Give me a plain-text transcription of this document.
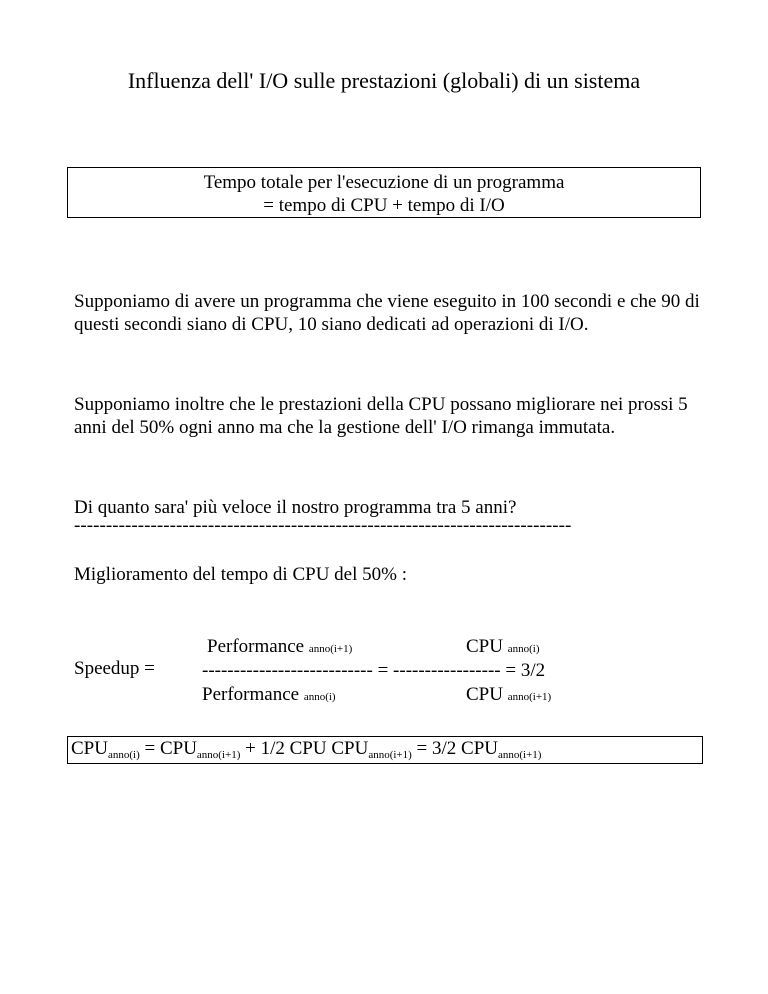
Influenza dell' I/O sulle prestazioni (globali) di un sistema
Tempo totale per l'esecuzione di un programma
= tempo di CPU + tempo di I/O
Supponiamo di avere un programma che viene eseguito in 100 secondi e che 90 di questi secondi siano di CPU, 10 siano dedicati ad operazioni di I/O.
Supponiamo inoltre che le prestazioni della CPU possano migliorare nei prossi 5 anni del 50% ogni anno ma che la gestione dell' I/O rimanga immutata.
Di quanto sara' più veloce il nostro programma tra 5 anni?
------------------------------------------------------------------------------
Miglioramento del tempo di CPU del 50% :
Speedup =
Performance anno(i+1)	CPU anno(i)
--------------------------- = ----------------- = 3/2
Performance anno(i)	CPU anno(i+1)
$CPU_{anno(i)} = CPU_{anno(i+1)} + 1/2$ CPU $CPU_{anno(i+1)} = 3/2$ $CPU_{anno(i+1)}$
